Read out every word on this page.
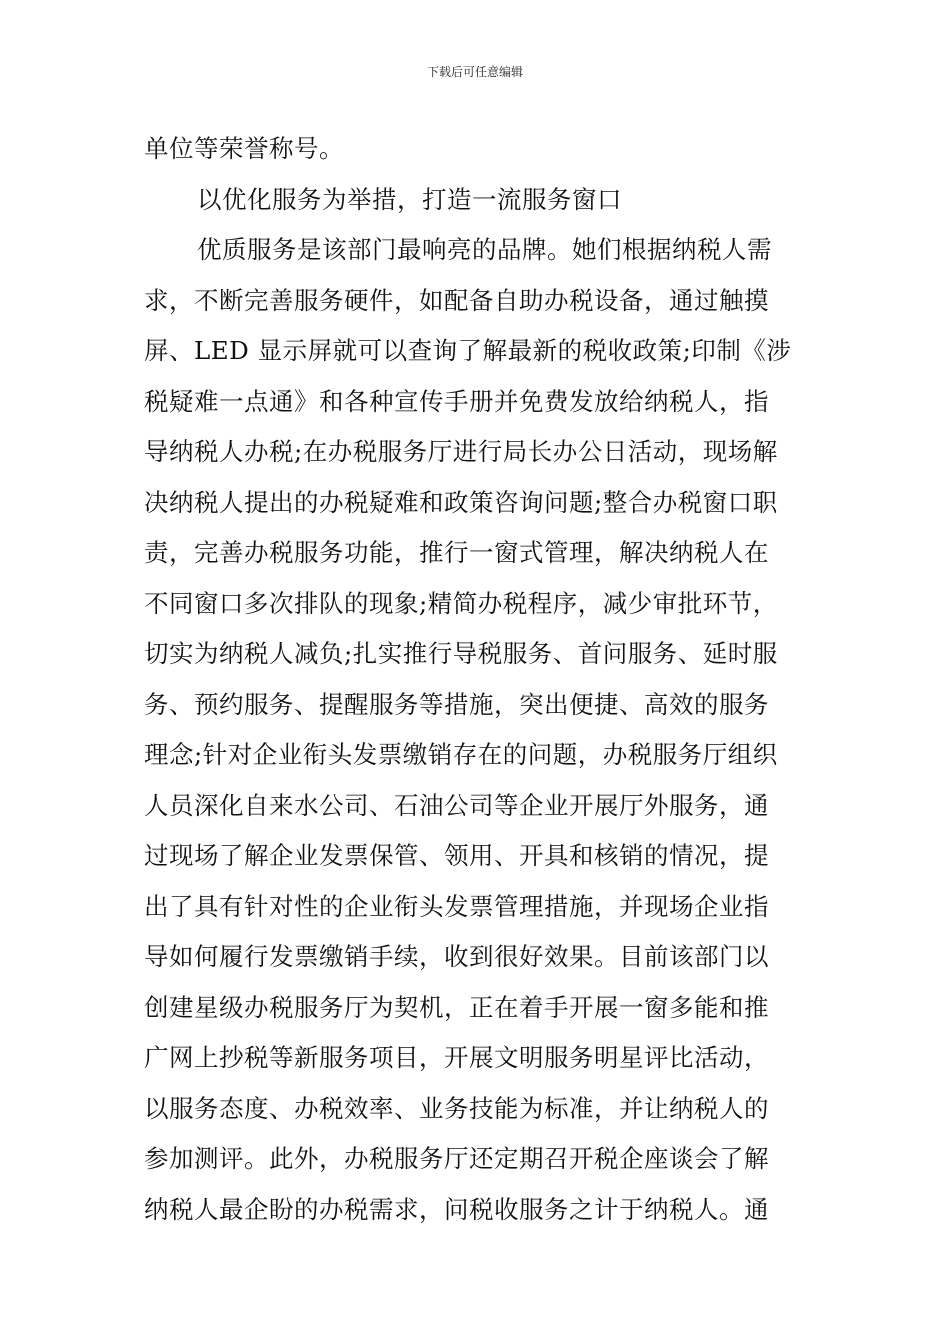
下载后可任意编辑
单位等荣誉称号。
以优化服务为举措，打造一流服务窗口
优质服务是该部门最响亮的品牌。她们根据纳税人需
求，不断完善服务硬件，如配备自助办税设备，通过触摸
屏、LED 显示屏就可以查询了解最新的税收政策;印制《涉
税疑难一点通》和各种宣传手册并免费发放给纳税人，指
导纳税人办税;在办税服务厅进行局长办公日活动，现场解
决纳税人提出的办税疑难和政策咨询问题;整合办税窗口职
责，完善办税服务功能，推行一窗式管理，解决纳税人在
不同窗口多次排队的现象;精简办税程序，减少审批环节，
切实为纳税人减负;扎实推行导税服务、首问服务、延时服
务、预约服务、提醒服务等措施，突出便捷、高效的服务
理念;针对企业衔头发票缴销存在的问题，办税服务厅组织
人员深化自来水公司、石油公司等企业开展厅外服务，通
过现场了解企业发票保管、领用、开具和核销的情况，提
出了具有针对性的企业衔头发票管理措施，并现场企业指
导如何履行发票缴销手续，收到很好效果。目前该部门以
创建星级办税服务厅为契机，正在着手开展一窗多能和推
广网上抄税等新服务项目，开展文明服务明星评比活动，
以服务态度、办税效率、业务技能为标准，并让纳税人的
参加测评。此外，办税服务厅还定期召开税企座谈会了解
纳税人最企盼的办税需求，问税收服务之计于纳税人。通
